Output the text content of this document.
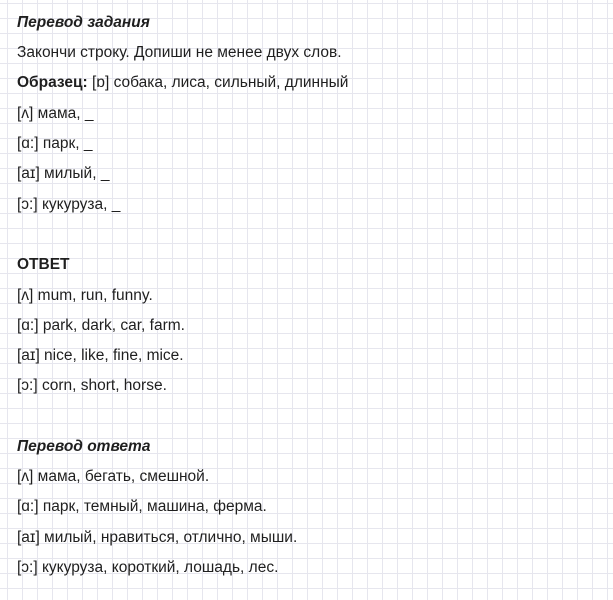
Перевод задания
Закончи строку. Допиши не менее двух слов.
Образец: [ɒ] собака, лиса, сильный, длинный
[ʌ] мама, _
[ɑ:] парк, _
[aɪ] милый, _
[ɔ:] кукуруза, _
ОТВЕТ
[ʌ] mum, run, funny.
[ɑ:] park, dark, car, farm.
[aɪ] nice, like, fine, mice.
[ɔ:] corn, short, horse.
Перевод ответа
[ʌ] мама, бегать, смешной.
[ɑ:] парк, темный, машина, ферма.
[aɪ] милый, нравиться, отлично, мыши.
[ɔ:] кукуруза, короткий, лошадь, лес.
